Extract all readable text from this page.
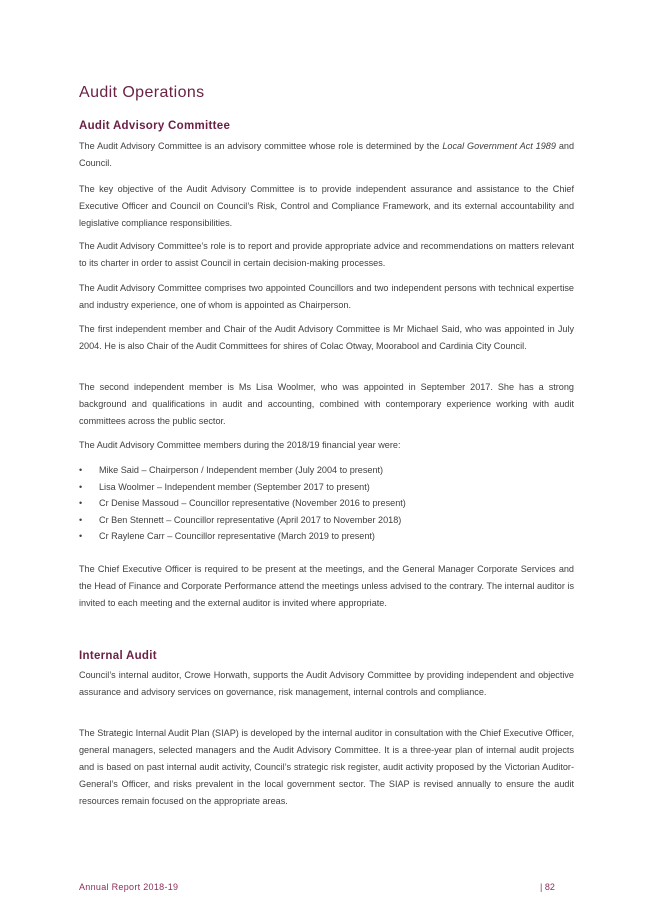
Audit Operations
Audit Advisory Committee

The Audit Advisory Committee is an advisory committee whose role is determined by the Local Government Act 1989 and Council.

The key objective of the Audit Advisory Committee is to provide independent assurance and assistance to the Chief Executive Officer and Council on Council’s Risk, Control and Compliance Framework, and its external accountability and legislative compliance responsibilities.

The Audit Advisory Committee’s role is to report and provide appropriate advice and recommendations on matters relevant to its charter in order to assist Council in certain decision-making processes.

The Audit Advisory Committee comprises two appointed Councillors and two independent persons with technical expertise and industry experience, one of whom is appointed as Chairperson.

The first independent member and Chair of the Audit Advisory Committee is Mr Michael Said, who was appointed in July 2004. He is also Chair of the Audit Committees for shires of Colac Otway, Moorabool and Cardinia City Council.

The second independent member is Ms Lisa Woolmer, who was appointed in September 2017. She has a strong background and qualifications in audit and accounting, combined with contemporary experience working with audit committees across the public sector.

The Audit Advisory Committee members during the 2018/19 financial year were:

• Mike Said – Chairperson / Independent member (July 2004 to present)
• Lisa Woolmer – Independent member (September 2017 to present)
• Cr Denise Massoud – Councillor representative (November 2016 to present)
• Cr Ben Stennett – Councillor representative (April 2017 to November 2018)
• Cr Raylene Carr – Councillor representative (March 2019 to present)

The Chief Executive Officer is required to be present at the meetings, and the General Manager Corporate Services and the Head of Finance and Corporate Performance attend the meetings unless advised to the contrary. The internal auditor is invited to each meeting and the external auditor is invited where appropriate.

Internal Audit

Council’s internal auditor, Crowe Horwath, supports the Audit Advisory Committee by providing independent and objective assurance and advisory services on governance, risk management, internal controls and compliance.

The Strategic Internal Audit Plan (SIAP) is developed by the internal auditor in consultation with the Chief Executive Officer, general managers, selected managers and the Audit Advisory Committee. It is a three-year plan of internal audit projects and is based on past internal audit activity, Council’s strategic risk register, audit activity proposed by the Victorian Auditor-General’s Officer, and risks prevalent in the local government sector. The SIAP is revised annually to ensure the audit resources remain focused on the appropriate areas.

Annual Report 2018-19	| 82
